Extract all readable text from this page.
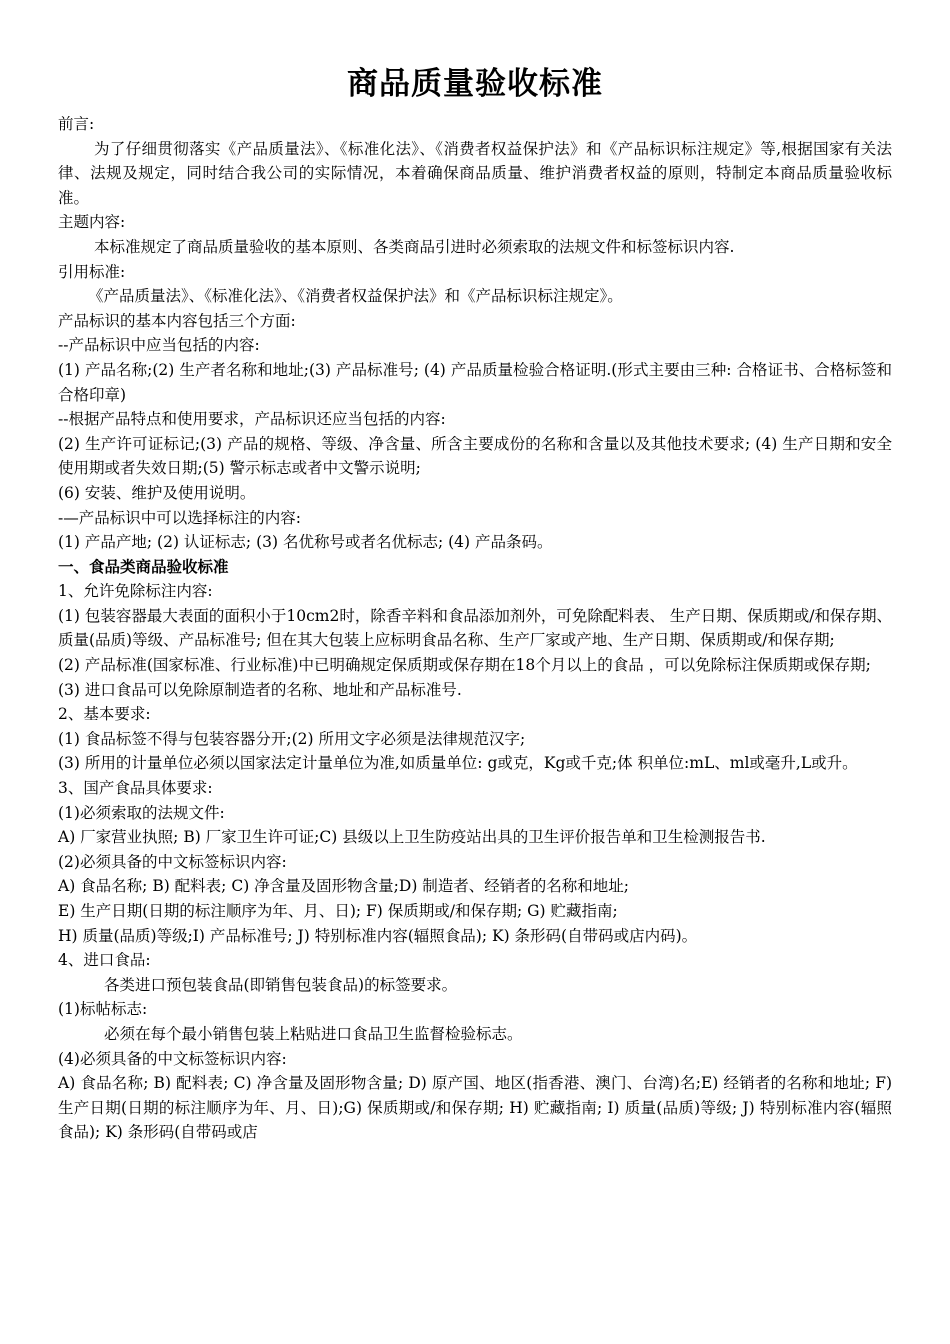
商品质量验收标准

前言:

为了仔细贯彻落实《产品质量法》、《标准化法》、《消费者权益保护法》和《产品标识标注规定》等,根据国家有关法律、法规及规定，同时结合我公司的实际情况，本着确保商品质量、维护消费者权益的原则，特制定本商品质量验收标准。

主题内容:

本标准规定了商品质量验收的基本原则、各类商品引进时必须索取的法规文件和标签标识内容.

引用标准:

《产品质量法》、《标准化法》、《消费者权益保护法》和《产品标识标注规定》。

产品标识的基本内容包括三个方面:

--产品标识中应当包括的内容:

(1) 产品名称;(2) 生产者名称和地址;(3) 产品标准号; (4) 产品质量检验合格证明.(形式主要由三种: 合格证书、合格标签和合格印章)

--根据产品特点和使用要求，产品标识还应当包括的内容:

(2) 生产许可证标记;(3) 产品的规格、等级、净含量、所含主要成份的名称和含量以及其他技术要求; (4) 生产日期和安全使用期或者失效日期;(5) 警示标志或者中文警示说明;

(6) 安装、维护及使用说明。

-—产品标识中可以选择标注的内容:

(1) 产品产地; (2) 认证标志; (3) 名优称号或者名优标志; (4) 产品条码。

一、食品类商品验收标准

1、允许免除标注内容:

(1) 包装容器最大表面的面积小于10cm2时，除香辛料和食品添加剂外，可免除配料表、 生产日期、保质期或/和保存期、质量(品质)等级、产品标准号; 但在其大包装上应标明食品名称、生产厂家或产地、生产日期、保质期或/和保存期;

(2) 产品标准(国家标准、行业标准)中已明确规定保质期或保存期在18个月以上的食品 ，可以免除标注保质期或保存期;

(3) 进口食品可以免除原制造者的名称、地址和产品标准号.

2、基本要求:

(1) 食品标签不得与包装容器分开;(2) 所用文字必须是法律规范汉字;

(3) 所用的计量单位必须以国家法定计量单位为准,如质量单位: g或克，Kg或千克;体 积单位:mL、ml或毫升,L或升。

3、国产食品具体要求:

(1)必须索取的法规文件:

A) 厂家营业执照; B) 厂家卫生许可证;C) 县级以上卫生防疫站出具的卫生评价报告单和卫生检测报告书.

(2)必须具备的中文标签标识内容:

A) 食品名称; B) 配料表; C) 净含量及固形物含量;D) 制造者、经销者的名称和地址;

E) 生产日期(日期的标注顺序为年、月、日); F) 保质期或/和保存期; G) 贮藏指南;

H) 质量(品质)等级;I) 产品标准号; J) 特别标准内容(辐照食品); K) 条形码(自带码或店内码)。

4、进口食品:

各类进口预包装食品(即销售包装食品)的标签要求。

(1)标帖标志:

必须在每个最小销售包装上粘贴进口食品卫生监督检验标志。

(4)必须具备的中文标签标识内容:

A) 食品名称; B) 配料表; C) 净含量及固形物含量; D) 原产国、地区(指香港、澳门、台湾)名;E) 经销者的名称和地址; F) 生产日期(日期的标注顺序为年、月、日);G) 保质期或/和保存期; H) 贮藏指南; I) 质量(品质)等级; J) 特别标准内容(辐照食品); K) 条形码(自带码或店
